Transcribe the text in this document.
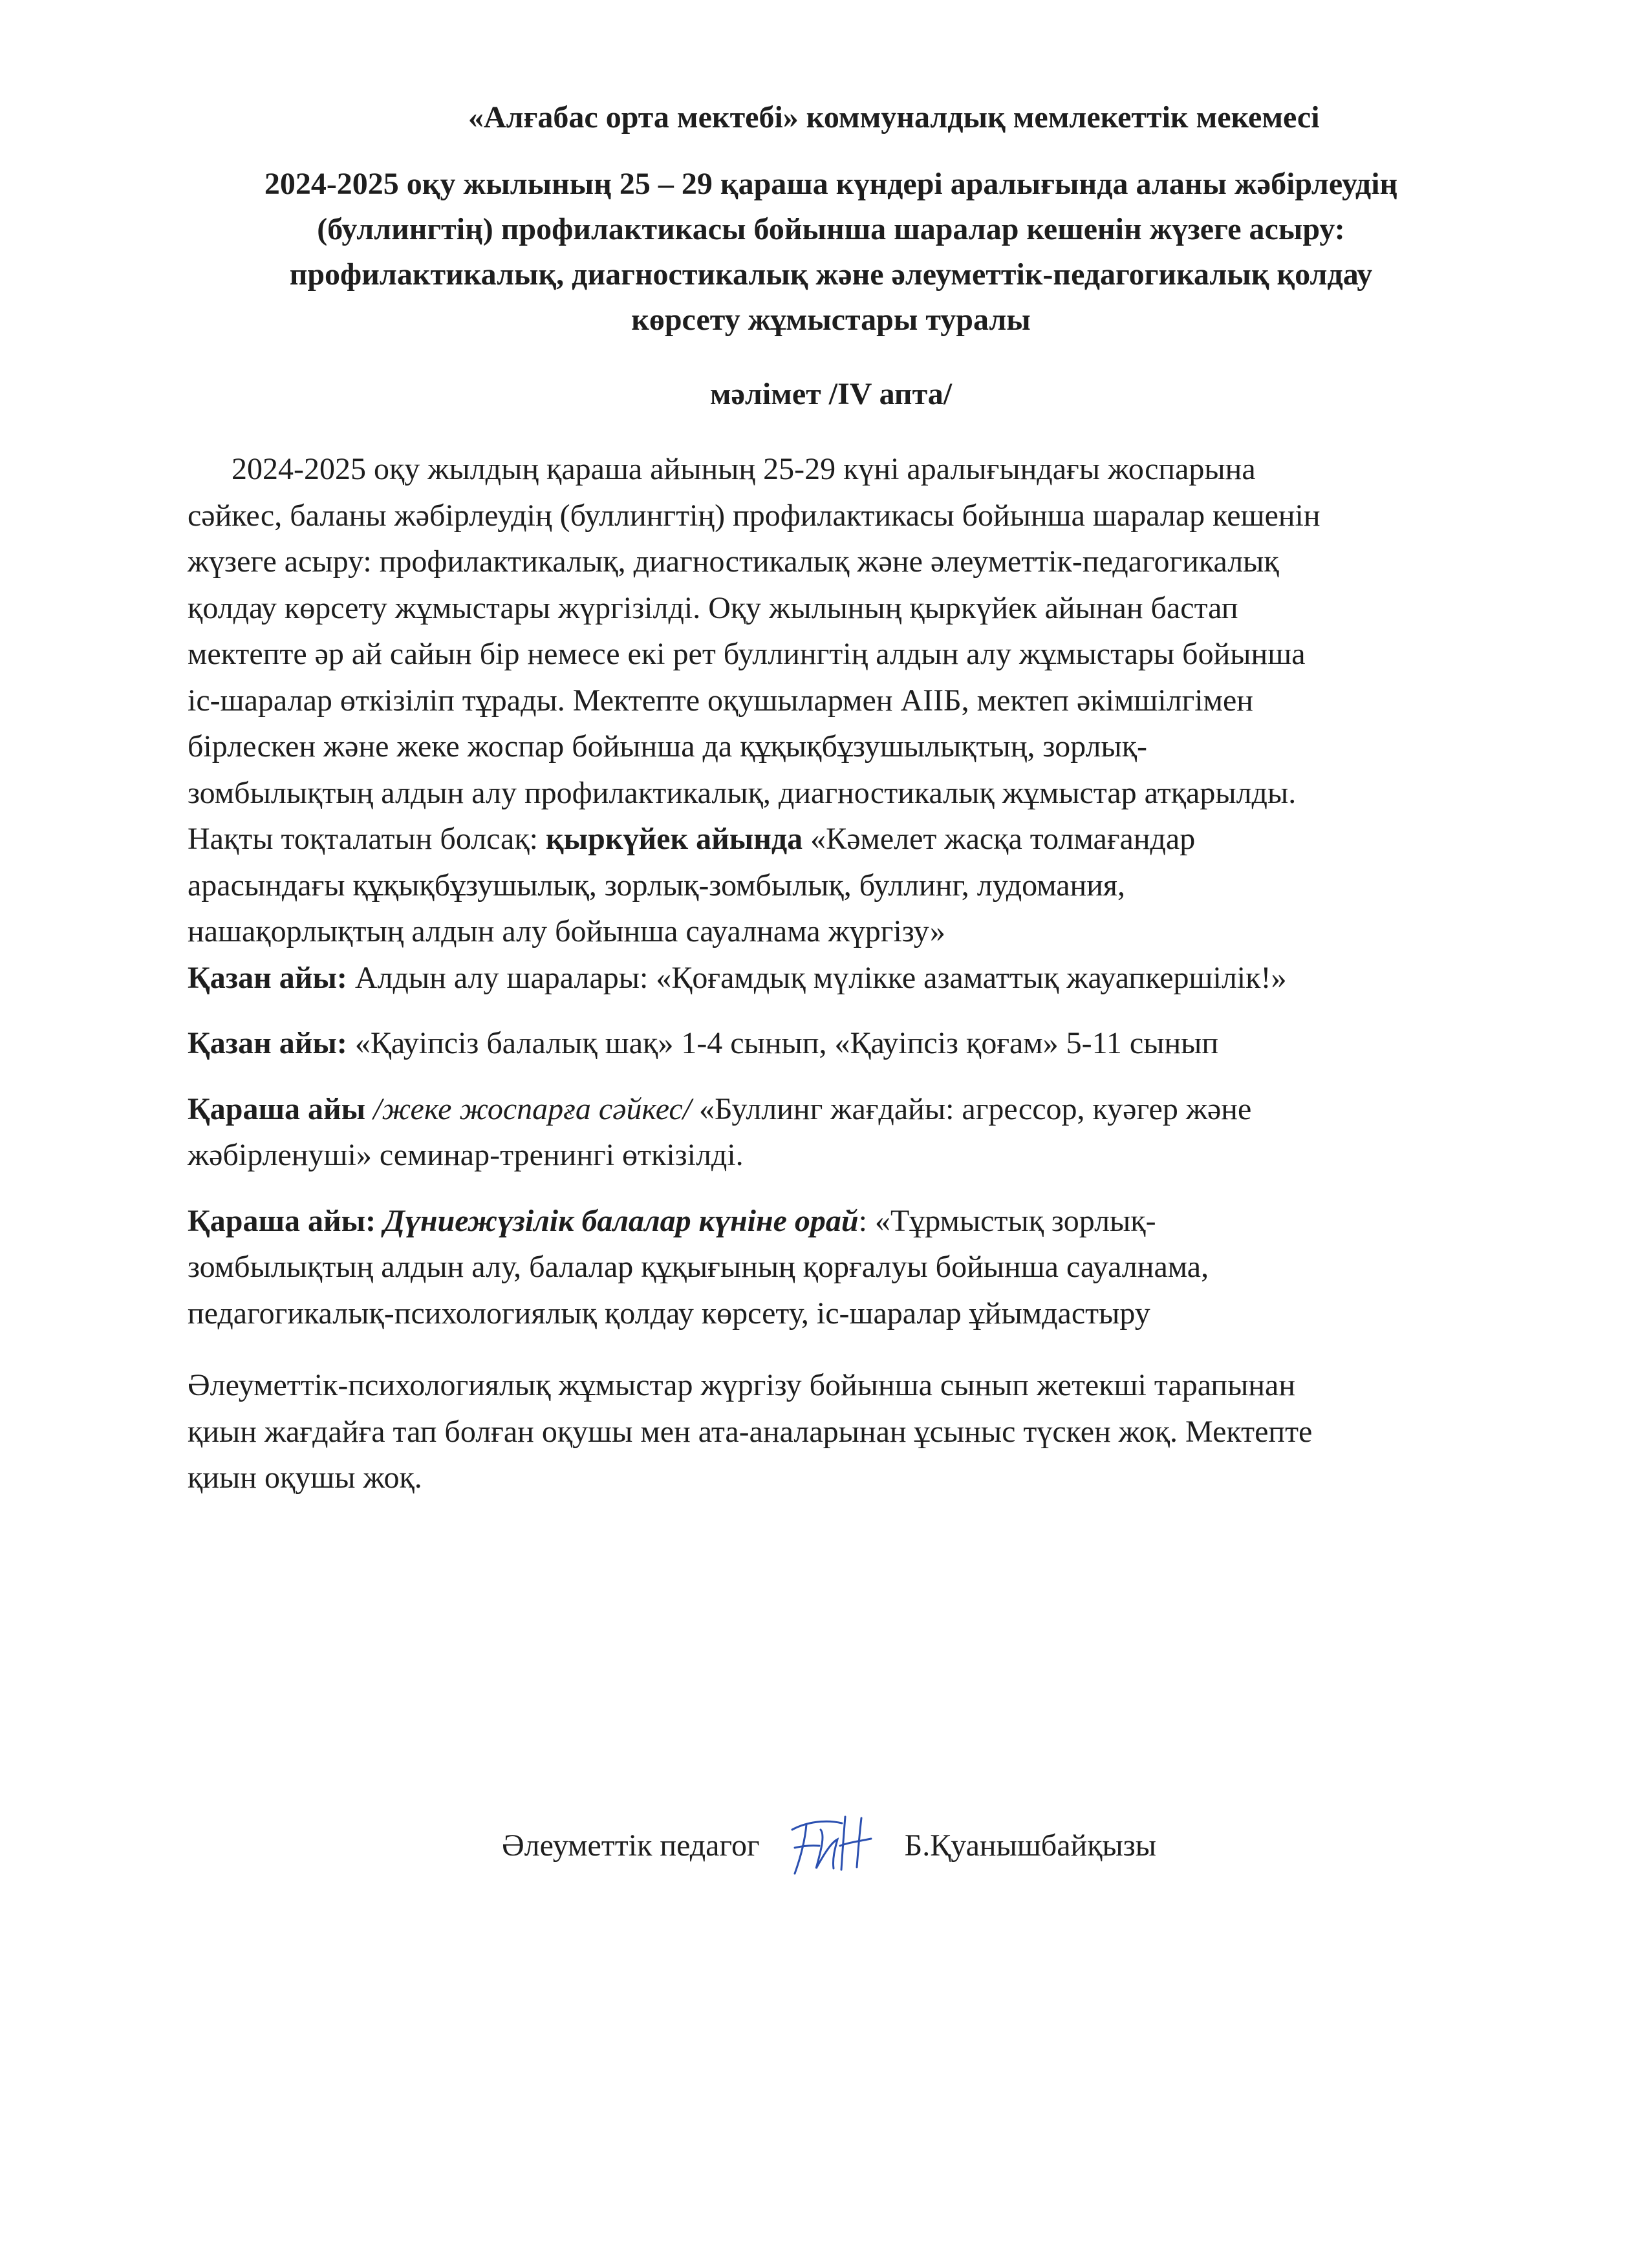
«Алғабас орта мектебі» коммуналдық мемлекеттік мекемесі
2024-2025 оқу жылының 25 – 29 қараша күндері аралығында аланы жәбірлеудің
(буллингтің) профилактикасы бойынша шаралар кешенін жүзеге асыру:
профилактикалық, диагностикалық және әлеуметтік-педагогикалық қолдау
көрсету жұмыстары туралы
мәлімет /IV апта/
2024-2025 оқу жылдың қараша айының 25-29 күні аралығындағы жоспарына
сәйкес, баланы жәбірлеудің (буллингтің) профилактикасы бойынша шаралар кешенін
жүзеге асыру: профилактикалық, диагностикалық және әлеуметтік-педагогикалық
қолдау көрсету жұмыстары жүргізілді. Оқу жылының қыркүйек айынан бастап
мектепте әр ай сайын бір немесе екі рет буллингтің алдын алу жұмыстары бойынша
іс-шаралар өткізіліп тұрады. Мектепте оқушылармен АІІБ, мектеп әкімшілгімен
бірлескен және жеке жоспар бойынша да құқықбұзушылықтың, зорлық-
зомбылықтың алдын алу профилактикалық, диагностикалық жұмыстар атқарылды.
Нақты тоқталатын болсақ: қыркүйек айында «Кәмелет жасқа толмағандар
арасындағы құқықбұзушылық, зорлық-зомбылық, буллинг, лудомания,
нашақорлықтың алдын алу бойынша сауалнама жүргізу»
Қазан айы: Алдын алу шаралары: «Қоғамдық мүлікке азаматтық жауапкершілік!»
Қазан айы: «Қауіпсіз балалық шақ» 1-4 сынып, «Қауіпсіз қоғам» 5-11 сынып
Қараша айы /жеке жоспарға сәйкес/ «Буллинг жағдайы: агрессор, куәгер және
жәбірленуші» семинар-тренингі өткізілді.
Қараша айы: Дүниежүзілік балалар күніне орай: «Тұрмыстық зорлық-
зомбылықтың алдын алу, балалар құқығының қорғалуы бойынша сауалнама,
педагогикалық-психологиялық қолдау көрсету, іс-шаралар ұйымдастыру
Әлеуметтік-психологиялық жұмыстар жүргізу бойынша сынып жетекші тарапынан
қиын жағдайға тап болған оқушы мен ата-аналарынан ұсыныс түскен жоқ. Мектепте
қиын оқушы жоқ.
Әлеуметтік педагог	Б.Қуанышбайқызы
